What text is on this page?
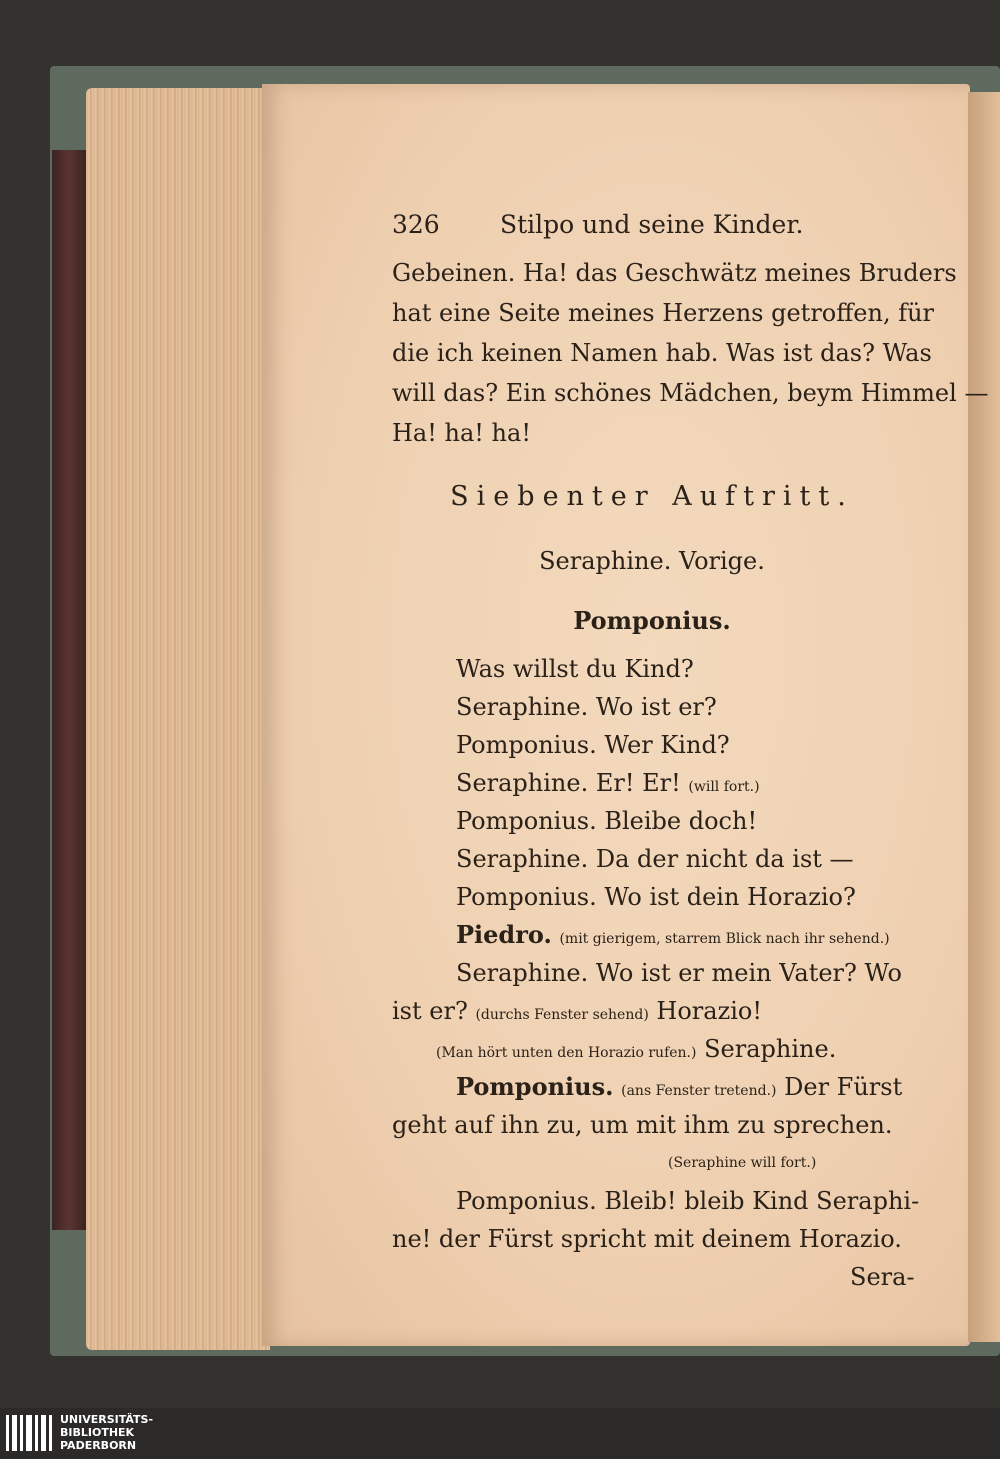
326 Stilpo und seine Kinder.
Gebeinen. Ha! das Geschwätz meines Bruders
hat eine Seite meines Herzens getroffen, für
die ich keinen Namen hab. Was ist das? Was
will das? Ein schönes Mädchen, beym Himmel —
Ha! ha! ha!
Siebenter Auftritt.
Seraphine. Vorige.
Pomponius.
Was willst du Kind?
Seraphine. Wo ist er?
Pomponius. Wer Kind?
Seraphine. Er! Er! (will fort.)
Pomponius. Bleibe doch!
Seraphine. Da der nicht da ist —
Pomponius. Wo ist dein Horazio?
Piedro. (mit gierigem, starrem Blick nach ihr sehend.)
Seraphine. Wo ist er mein Vater? Wo
ist er? (durchs Fenster sehend) Horazio!
(Man hört unten den Horazio rufen.) Seraphine.
Pomponius. (ans Fenster tretend.) Der Fürst
geht auf ihn zu, um mit ihm zu sprechen.
(Seraphine will fort.)
Pomponius. Bleib! bleib Kind Seraphi-
ne! der Fürst spricht mit deinem Horazio.
Sera-
UNIVERSITÄTS-
BIBLIOTHEK
PADERBORN
